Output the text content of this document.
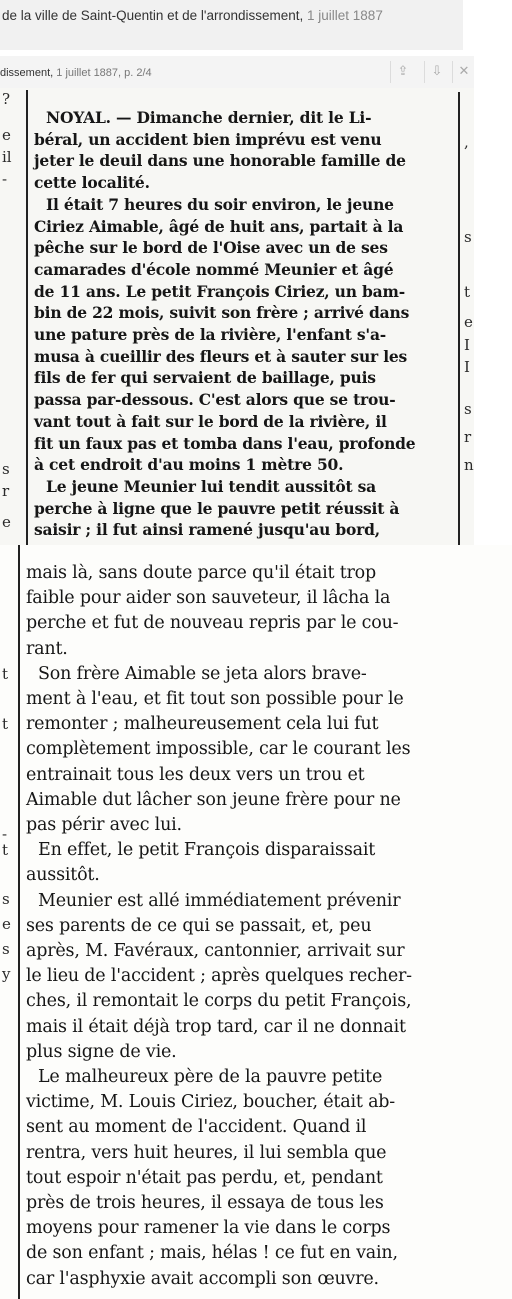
de la ville de Saint-Quentin et de l'arrondissement, 1 juillet 1887
dissement, 1 juillet 1887, p. 2/4	⇪	⇩	✕
NOYAL. — Dimanche dernier, dit le Li-
béral, un accident bien imprévu est venu
jeter le deuil dans une honorable famille de
cette localité.
Il était 7 heures du soir environ, le jeune
Ciriez Aimable, âgé de huit ans, partait à la
pêche sur le bord de l'Oise avec un de ses
camarades d'école nommé Meunier et âgé
de 11 ans. Le petit François Ciriez, un bam-
bin de 22 mois, suivit son frère ; arrivé dans
une pature près de la rivière, l'enfant s'a-
musa à cueillir des fleurs et à sauter sur les
fils de fer qui servaient de baillage, puis
passa par-dessous. C'est alors que se trou-
vant tout à fait sur le bord de la rivière, il
fit un faux pas et tomba dans l'eau, profonde
à cet endroit d'au moins 1 mètre 50.
Le jeune Meunier lui tendit aussitôt sa
perche à ligne que le pauvre petit réussit à
saisir ; il fut ainsi ramené jusqu'au bord,
?
e
il
-
s
r
e
,
s
t
e
I
I
s
r
n
mais là, sans doute parce qu'il était trop
faible pour aider son sauveteur, il lâcha la
perche et fut de nouveau repris par le cou-
rant.
Son frère Aimable se jeta alors brave-
ment à l'eau, et fit tout son possible pour le
remonter ; malheureusement cela lui fut
complètement impossible, car le courant les
entrainait tous les deux vers un trou et
Aimable dut lâcher son jeune frère pour ne
pas périr avec lui.
En effet, le petit François disparaissait
aussitôt.
Meunier est allé immédiatement prévenir
ses parents de ce qui se passait, et, peu
après, M. Favéraux, cantonnier, arrivait sur
le lieu de l'accident ; après quelques recher-
ches, il remontait le corps du petit François,
mais il était déjà trop tard, car il ne donnait
plus signe de vie.
Le malheureux père de la pauvre petite
victime, M. Louis Ciriez, boucher, était ab-
sent au moment de l'accident. Quand il
rentra, vers huit heures, il lui sembla que
tout espoir n'était pas perdu, et, pendant
près de trois heures, il essaya de tous les
moyens pour ramener la vie dans le corps
de son enfant ; mais, hélas ! ce fut en vain,
car l'asphyxie avait accompli son œuvre.
t
t
-
t
s
e
s
y
